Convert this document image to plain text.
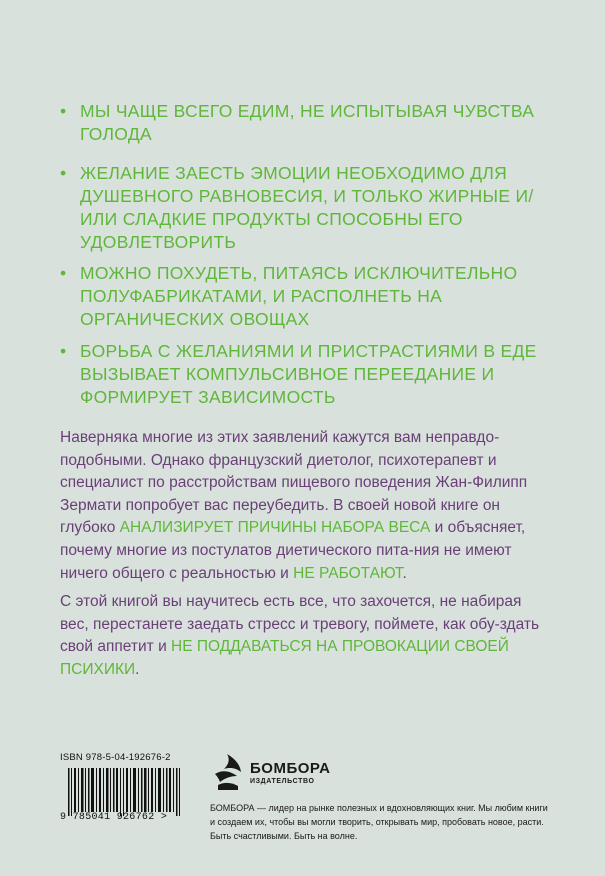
• МЫ ЧАЩЕ ВСЕГО ЕДИМ, НЕ ИСПЫТЫВАЯ ЧУВСТВА ГОЛОДА
• ЖЕЛАНИЕ ЗАЕСТЬ ЭМОЦИИ НЕОБХОДИМО ДЛЯ ДУШЕВНОГО РАВНОВЕСИЯ, И ТОЛЬКО ЖИРНЫЕ И/ИЛИ СЛАДКИЕ ПРОДУКТЫ СПОСОБНЫ ЕГО УДОВЛЕТВОРИТЬ
• МОЖНО ПОХУДЕТЬ, ПИТАЯСЬ ИСКЛЮЧИТЕЛЬНО ПОЛУФАБРИКАТАМИ, И РАСПОЛНЕТЬ НА ОРГАНИЧЕСКИХ ОВОЩАХ
• БОРЬБА С ЖЕЛАНИЯМИ И ПРИСТРАСТИЯМИ В ЕДЕ ВЫЗЫВАЕТ КОМПУЛЬСИВНОЕ ПЕРЕЕДАНИЕ И ФОРМИРУЕТ ЗАВИСИМОСТЬ
Наверняка многие из этих заявлений кажутся вам неправдо-подобными. Однако французский диетолог, психотерапевт и специалист по расстройствам пищевого поведения Жан-Филипп Зермати попробует вас переубедить. В своей новой книге он глубоко АНАЛИЗИРУЕТ ПРИЧИНЫ НАБОРА ВЕСА и объясняет, почему многие из постулатов диетического пита-ния не имеют ничего общего с реальностью и НЕ РАБОТАЮТ.
С этой книгой вы научитесь есть все, что захочется, не набирая вес, перестанете заедать стресс и тревогу, поймете, как обу-здать свой аппетит и НЕ ПОДДАВАТЬСЯ НА ПРОВОКАЦИИ СВОЕЙ ПСИХИКИ.
ISBN 978-5-04-192676-2
9 785041 926762 >
БОМБОРА
ИЗДАТЕЛЬСТВО
БОМБОРА — лидер на рынке полезных и вдохновляющих книг. Мы любим книги и создаем их, чтобы вы могли творить, открывать мир, пробовать новое, расти. Быть счастливыми. Быть на волне.
